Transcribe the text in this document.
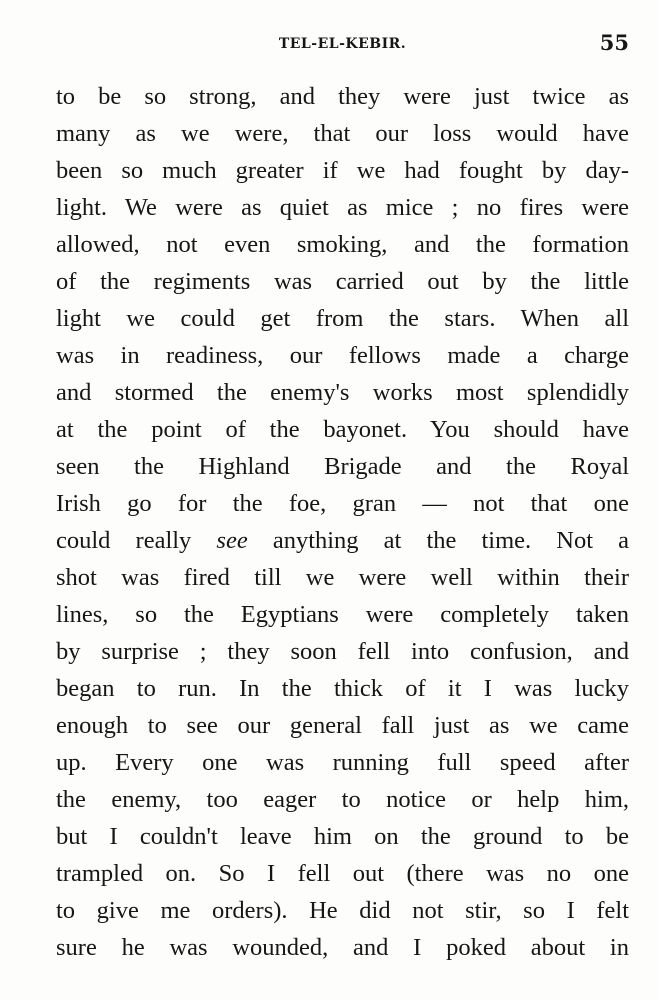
TEL-EL-KEBIR.	55
to be so strong, and they were just twice as
many as we were, that our loss would have
been so much greater if we had fought by day-
light. We were as quiet as mice ; no fires were
allowed, not even smoking, and the formation
of the regiments was carried out by the little
light we could get from the stars. When all
was in readiness, our fellows made a charge
and stormed the enemy's works most splendidly
at the point of the bayonet. You should have
seen the Highland Brigade and the Royal
Irish go for the foe, gran — not that one
could really see anything at the time. Not a
shot was fired till we were well within their
lines, so the Egyptians were completely taken
by surprise ; they soon fell into confusion, and
began to run. In the thick of it I was lucky
enough to see our general fall just as we came
up. Every one was running full speed after
the enemy, too eager to notice or help him,
but I couldn't leave him on the ground to be
trampled on. So I fell out (there was no one
to give me orders). He did not stir, so I felt
sure he was wounded, and I poked about in
